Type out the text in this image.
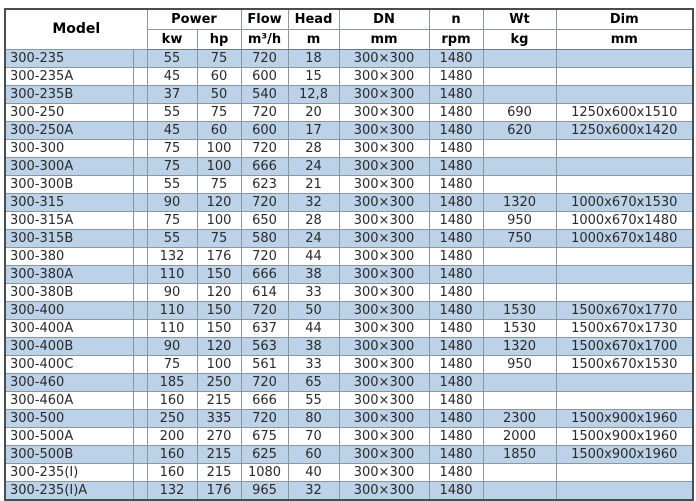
Model		Power		Flow	Head	DN	n	Wt	Dim
		kw	hp	m³/h	m	mm	rpm	kg	mm
300-235		55	75	720	18	300×300	1480		
300-235A		45	60	600	15	300×300	1480		
300-235B		37	50	540	12,8	300×300	1480		
300-250		55	75	720	20	300×300	1480	690	1250x600x1510
300-250A		45	60	600	17	300×300	1480	620	1250x600x1420
300-300		75	100	720	28	300×300	1480		
300-300A		75	100	666	24	300×300	1480		
300-300B		55	75	623	21	300×300	1480		
300-315		90	120	720	32	300×300	1480	1320	1000x670x1530
300-315A		75	100	650	28	300×300	1480	950	1000x670x1480
300-315B		55	75	580	24	300×300	1480	750	1000x670x1480
300-380		132	176	720	44	300×300	1480		
300-380A		110	150	666	38	300×300	1480		
300-380B		90	120	614	33	300×300	1480		
300-400		110	150	720	50	300×300	1480	1530	1500x670x1770
300-400A		110	150	637	44	300×300	1480	1530	1500x670x1730
300-400B		90	120	563	38	300×300	1480	1320	1500x670x1700
300-400C		75	100	561	33	300×300	1480	950	1500x670x1530
300-460		185	250	720	65	300×300	1480		
300-460A		160	215	666	55	300×300	1480		
300-500		250	335	720	80	300×300	1480	2300	1500x900x1960
300-500A		200	270	675	70	300×300	1480	2000	1500x900x1960
300-500B		160	215	625	60	300×300	1480	1850	1500x900x1960
300-235(I)		160	215	1080	40	300×300	1480		
300-235(I)A		132	176	965	32	300×300	1480		
